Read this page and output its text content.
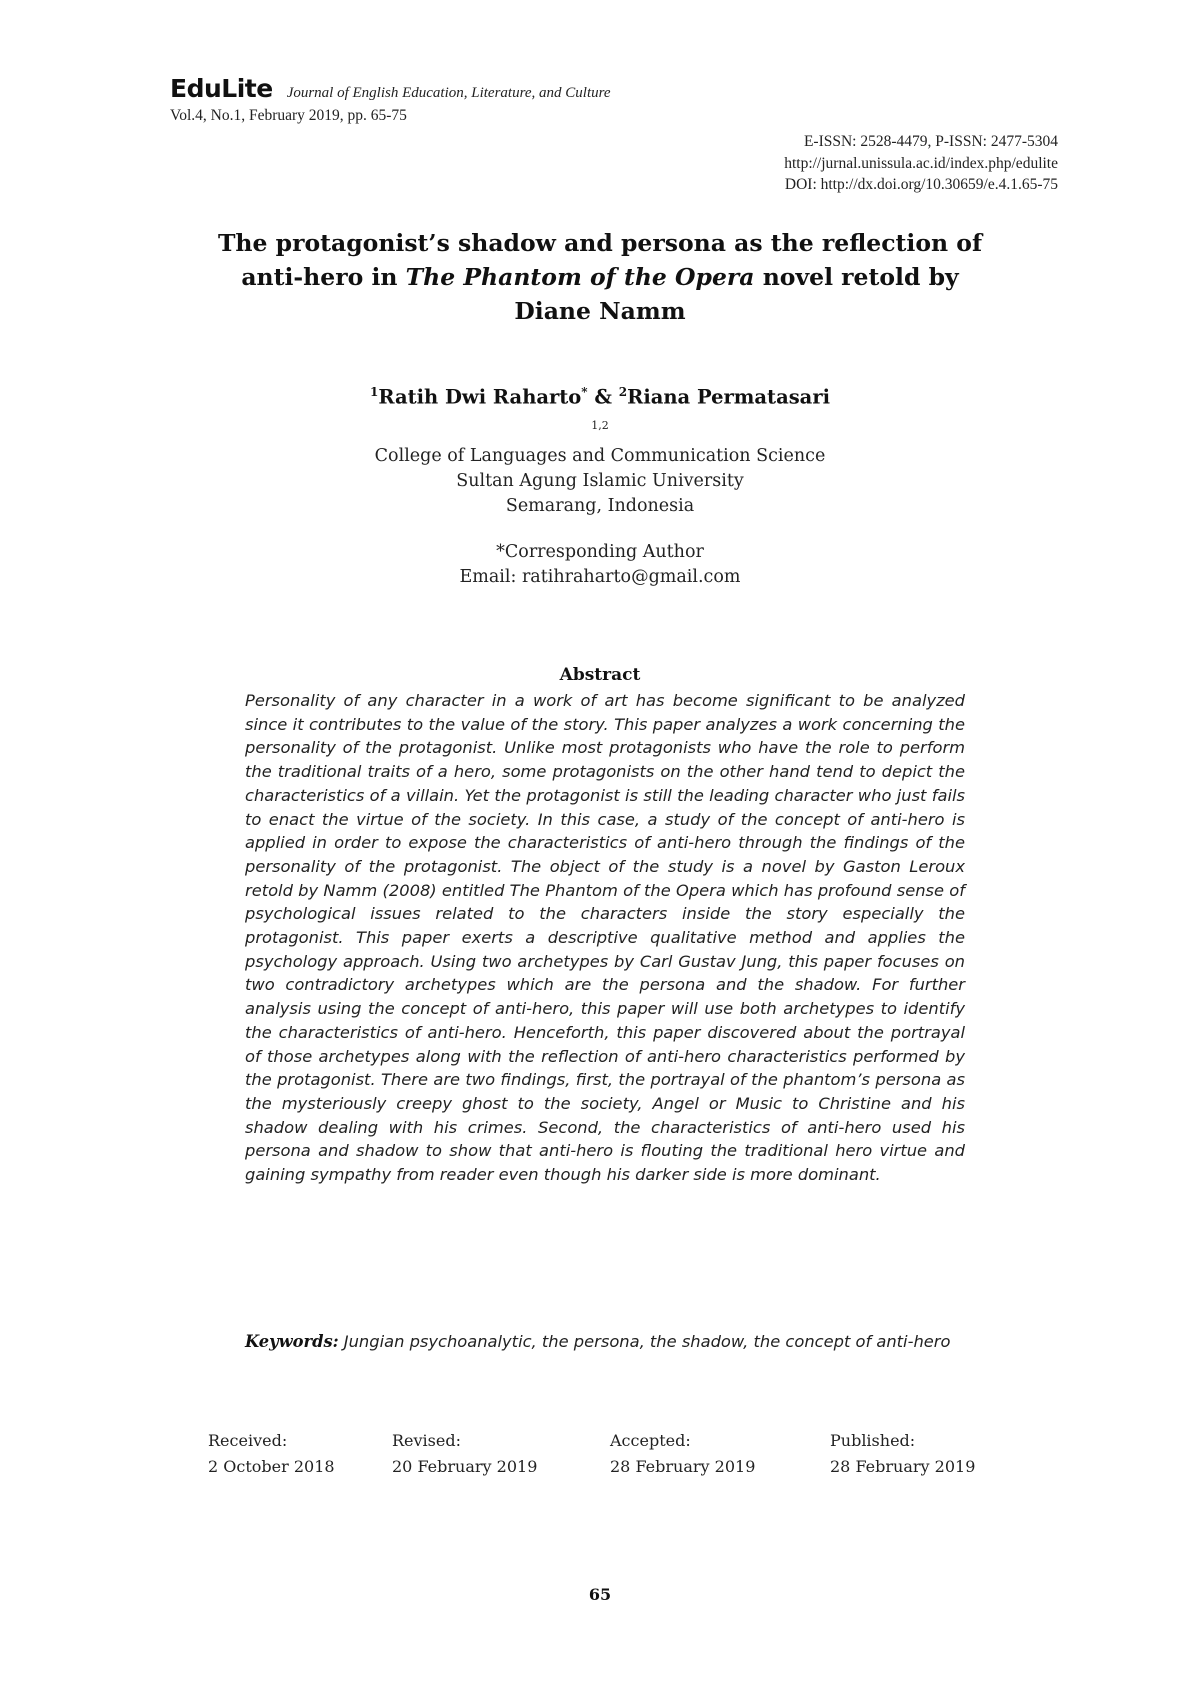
EduLite Journal of English Education, Literature, and Culture
Vol.4, No.1, February 2019, pp. 65-75
E-ISSN: 2528-4479, P-ISSN: 2477-5304
http://jurnal.unissula.ac.id/index.php/edulite
DOI: http://dx.doi.org/10.30659/e.4.1.65-75
The protagonist’s shadow and persona as the reflection of
anti-hero in The Phantom of the Opera novel retold by
Diane Namm
$^1$Ratih Dwi Raharto* & $^2$Riana Permatasari
$^{1,2}$
College of Languages and Communication Science
Sultan Agung Islamic University
Semarang, Indonesia
*Corresponding Author
Email: ratihraharto@gmail.com
Abstract
Personality of any character in a work of art has become significant to be analyzed since it contributes to the value of the story. This paper analyzes a work concerning the personality of the protagonist. Unlike most protagonists who have the role to perform the traditional traits of a hero, some protagonists on the other hand tend to depict the characteristics of a villain. Yet the protagonist is still the leading character who just fails to enact the virtue of the society. In this case, a study of the concept of anti-hero is applied in order to expose the characteristics of anti-hero through the findings of the personality of the protagonist. The object of the study is a novel by Gaston Leroux retold by Namm (2008) entitled The Phantom of the Opera which has profound sense of psychological issues related to the characters inside the story especially the protagonist. This paper exerts a descriptive qualitative method and applies the psychology approach. Using two archetypes by Carl Gustav Jung, this paper focuses on two contradictory archetypes which are the persona and the shadow. For further analysis using the concept of anti-hero, this paper will use both archetypes to identify the characteristics of anti-hero. Henceforth, this paper discovered about the portrayal of those archetypes along with the reflection of anti-hero characteristics performed by the protagonist. There are two findings, first, the portrayal of the phantom’s persona as the mysteriously creepy ghost to the society, Angel or Music to Christine and his shadow dealing with his crimes. Second, the characteristics of anti-hero used his persona and shadow to show that anti-hero is flouting the traditional hero virtue and gaining sympathy from reader even though his darker side is more dominant.
Keywords: Jungian psychoanalytic, the persona, the shadow, the concept of anti-hero
Received:
2 October 2018
Revised:
20 February 2019
Accepted:
28 February 2019
Published:
28 February 2019
65
